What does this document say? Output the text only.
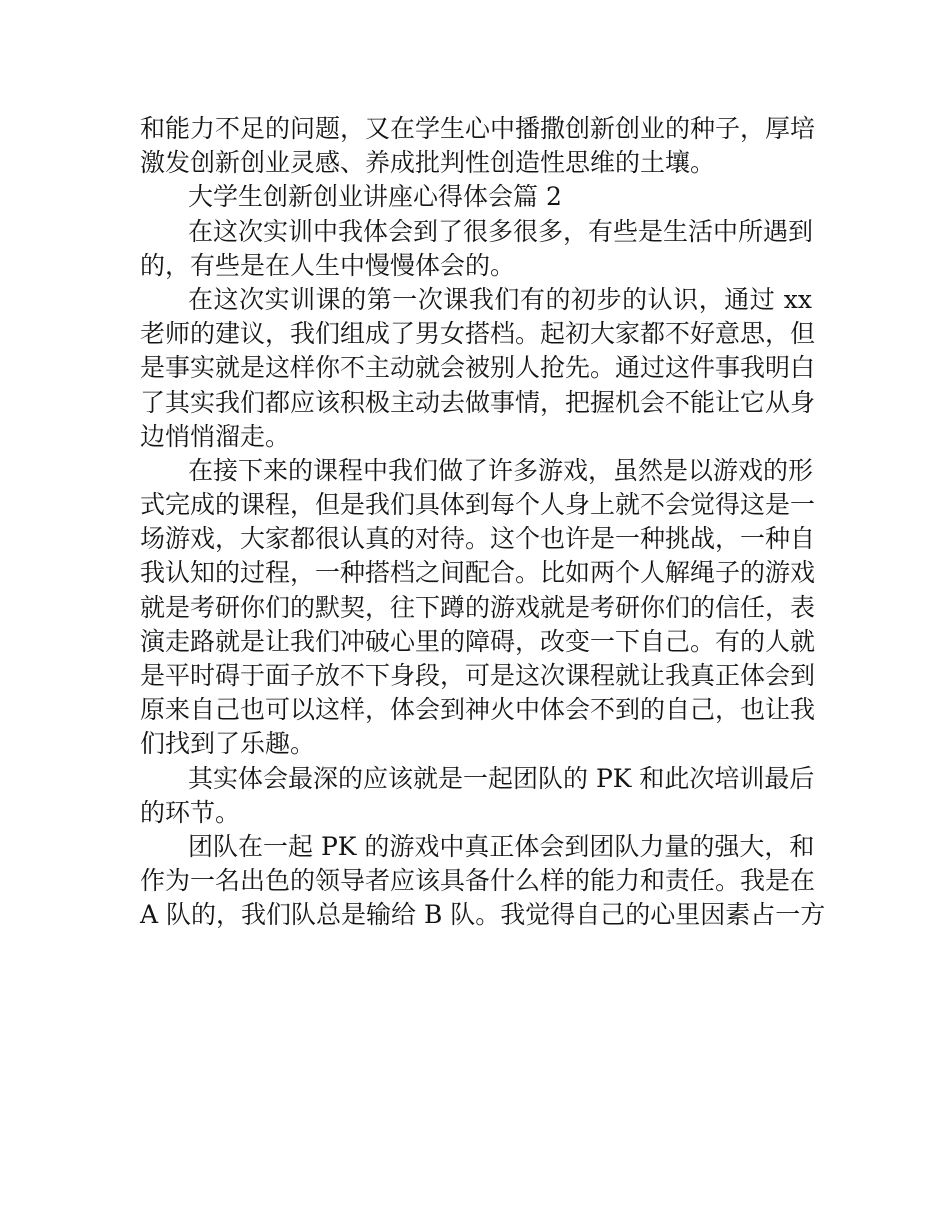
和能力不足的问题，又在学生心中播撒创新创业的种子，厚培
激发创新创业灵感、养成批判性创造性思维的土壤。
大学生创新创业讲座心得体会篇 2
在这次实训中我体会到了很多很多，有些是生活中所遇到
的，有些是在人生中慢慢体会的。
在这次实训课的第一次课我们有的初步的认识，通过 xx
老师的建议，我们组成了男女搭档。起初大家都不好意思，但
是事实就是这样你不主动就会被别人抢先。通过这件事我明白
了其实我们都应该积极主动去做事情，把握机会不能让它从身
边悄悄溜走。
在接下来的课程中我们做了许多游戏，虽然是以游戏的形
式完成的课程，但是我们具体到每个人身上就不会觉得这是一
场游戏，大家都很认真的对待。这个也许是一种挑战，一种自
我认知的过程，一种搭档之间配合。比如两个人解绳子的游戏
就是考研你们的默契，往下蹲的游戏就是考研你们的信任，表
演走路就是让我们冲破心里的障碍，改变一下自己。有的人就
是平时碍于面子放不下身段，可是这次课程就让我真正体会到
原来自己也可以这样，体会到神火中体会不到的自己，也让我
们找到了乐趣。
其实体会最深的应该就是一起团队的 PK 和此次培训最后
的环节。
团队在一起 PK 的游戏中真正体会到团队力量的强大，和
作为一名出色的领导者应该具备什么样的能力和责任。我是在
A 队的，我们队总是输给 B 队。我觉得自己的心里因素占一方
